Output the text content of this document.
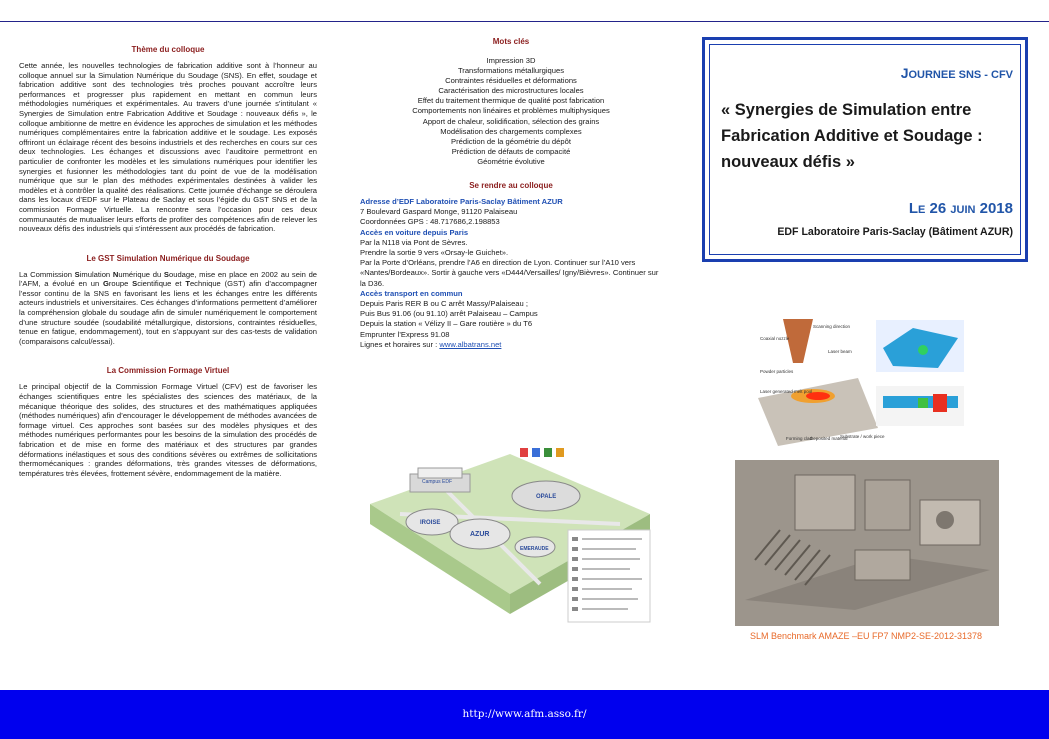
Thème du colloque

Cette année, les nouvelles technologies de fabrication additive sont à l’honneur au colloque annuel sur la Simulation Numérique du Soudage (SNS). En effet, soudage et fabrication additive sont des technologies très proches pouvant accroître leurs performances et progresser plus rapidement en mettant en commun leurs méthodologies numériques et expérimentales. Au travers d’une journée s’intitulant « Synergies de Simulation entre Fabrication Additive et Soudage : nouveaux défis », le colloque ambitionne de mettre en évidence les approches de simulation et les méthodes numériques complémentaires entre la fabrication additive et le soudage. Les exposés offriront un éclairage récent des besoins industriels et des recherches en cours sur ces deux technologies. Les échanges et discussions avec l’auditoire permettront en particulier de confronter les modèles et les simulations numériques pour identifier les synergies et fusionner les méthodologies tant du point de vue de la modélisation numérique que sur le plan des méthodes expérimentales destinées à valider les modèles et à contrôler la qualité des réalisations. Cette journée d’échange se déroulera dans les locaux d’EDF sur le Plateau de Saclay et sous l’égide du GST SNS et de la commission Formage Virtuelle. La rencontre sera l’occasion pour ces deux communautés de mutualiser leurs efforts de profiter des compétences afin de relever les nouveaux défis des industriels qui s’intéressent aux procédés de fabrication.

Le GST Simulation Numérique du Soudage

La Commission Simulation Numérique du Soudage, mise en place en 2002 au sein de l’AFM, a évolué en un Groupe Scientifique et Technique (GST) afin d’accompagner l’essor continu de la SNS en favorisant les liens et les échanges entre les différents acteurs industriels et universitaires. Ces échanges d’informations permettent d’améliorer la compréhension globale du soudage afin de simuler numériquement le comportement d’une structure soudée (soudabilité métallurgique, distorsions, contraintes résiduelles, tenue en fatigue, endommagement), tout en s’appuyant sur des cas-tests de validation (comparaisons calcul/essai).

La Commission Formage Virtuel

Le principal objectif de la Commission Formage Virtuel (CFV) est de favoriser les échanges scientifiques entre les spécialistes des sciences des matériaux, de la mécanique théorique des solides, des structures et des mathématiques appliquées (méthodes numériques) afin d’encourager le développement de méthodes avancées de formage virtuel. Ces approches sont basées sur des modèles physiques et des méthodes numériques performantes pour les besoins de la simulation des procédés de fabrication et de mise en forme des matériaux et des structures par grandes déformations inélastiques et sous des conditions sévères ou extrêmes de sollicitations thermomécaniques : grandes déformations, très grandes vitesses de déformations, températures très élevées, frottement sévère, endommagement de la matière.

Mots clés
Impression 3D
Transformations métallurgiques
Contraintes résiduelles et déformations
Caractérisation des microstructures locales
Effet du traitement thermique de qualité post fabrication
Comportements non linéaires et problèmes multiphysiques
Apport de chaleur, solidification, sélection des grains
Modélisation des chargements complexes
Prédiction de la géométrie du dépôt
Prédiction de défauts de compacité
Géométrie évolutive
Se rendre au colloque
Adresse d’EDF Laboratoire Paris-Saclay Bâtiment AZUR
7 Boulevard Gaspard Monge, 91120 Palaiseau
Coordonnées GPS : 48.717686,2.198853
Accès en voiture depuis Paris
Par la N118 via Pont de Sèvres.
Prendre la sortie 9 vers «Orsay-le Guichet».
Par la Porte d’Orléans, prendre l’A6 en direction de Lyon. Continuer sur l’A10 vers «Nantes/Bordeaux». Sortir à gauche vers «D444/Versailles/ Igny/Bièvres». Continuer sur la D36.
Accès transport en commun
Depuis Paris RER B ou C arrêt Massy/Palaiseau ;
Puis Bus 91.06 (ou 91.10) arrêt Palaiseau – Campus
Depuis la station « Vélizy II – Gare routière » du T6
Emprunter l’Express 91.08
Lignes et horaires sur : www.albatrans.net
Campus EDF
IROISE
AZUR
OPALE
EMERAUDE
JOURNEE SNS - CFV
« Synergies de Simulation entre Fabrication Additive et Soudage : nouveaux défis »
LE 26 JUIN 2018
EDF Laboratoire Paris-Saclay (Bâtiment AZUR)
Coaxial nozzle
Scanning direction
Laser beam
Powder particles
Laser generated melt pool
Forming clad
Deposited material
Substrate / work piece
SLM Benchmark AMAZE –EU FP7 NMP2-SE-2012-31378
http://www.afm.asso.fr/
